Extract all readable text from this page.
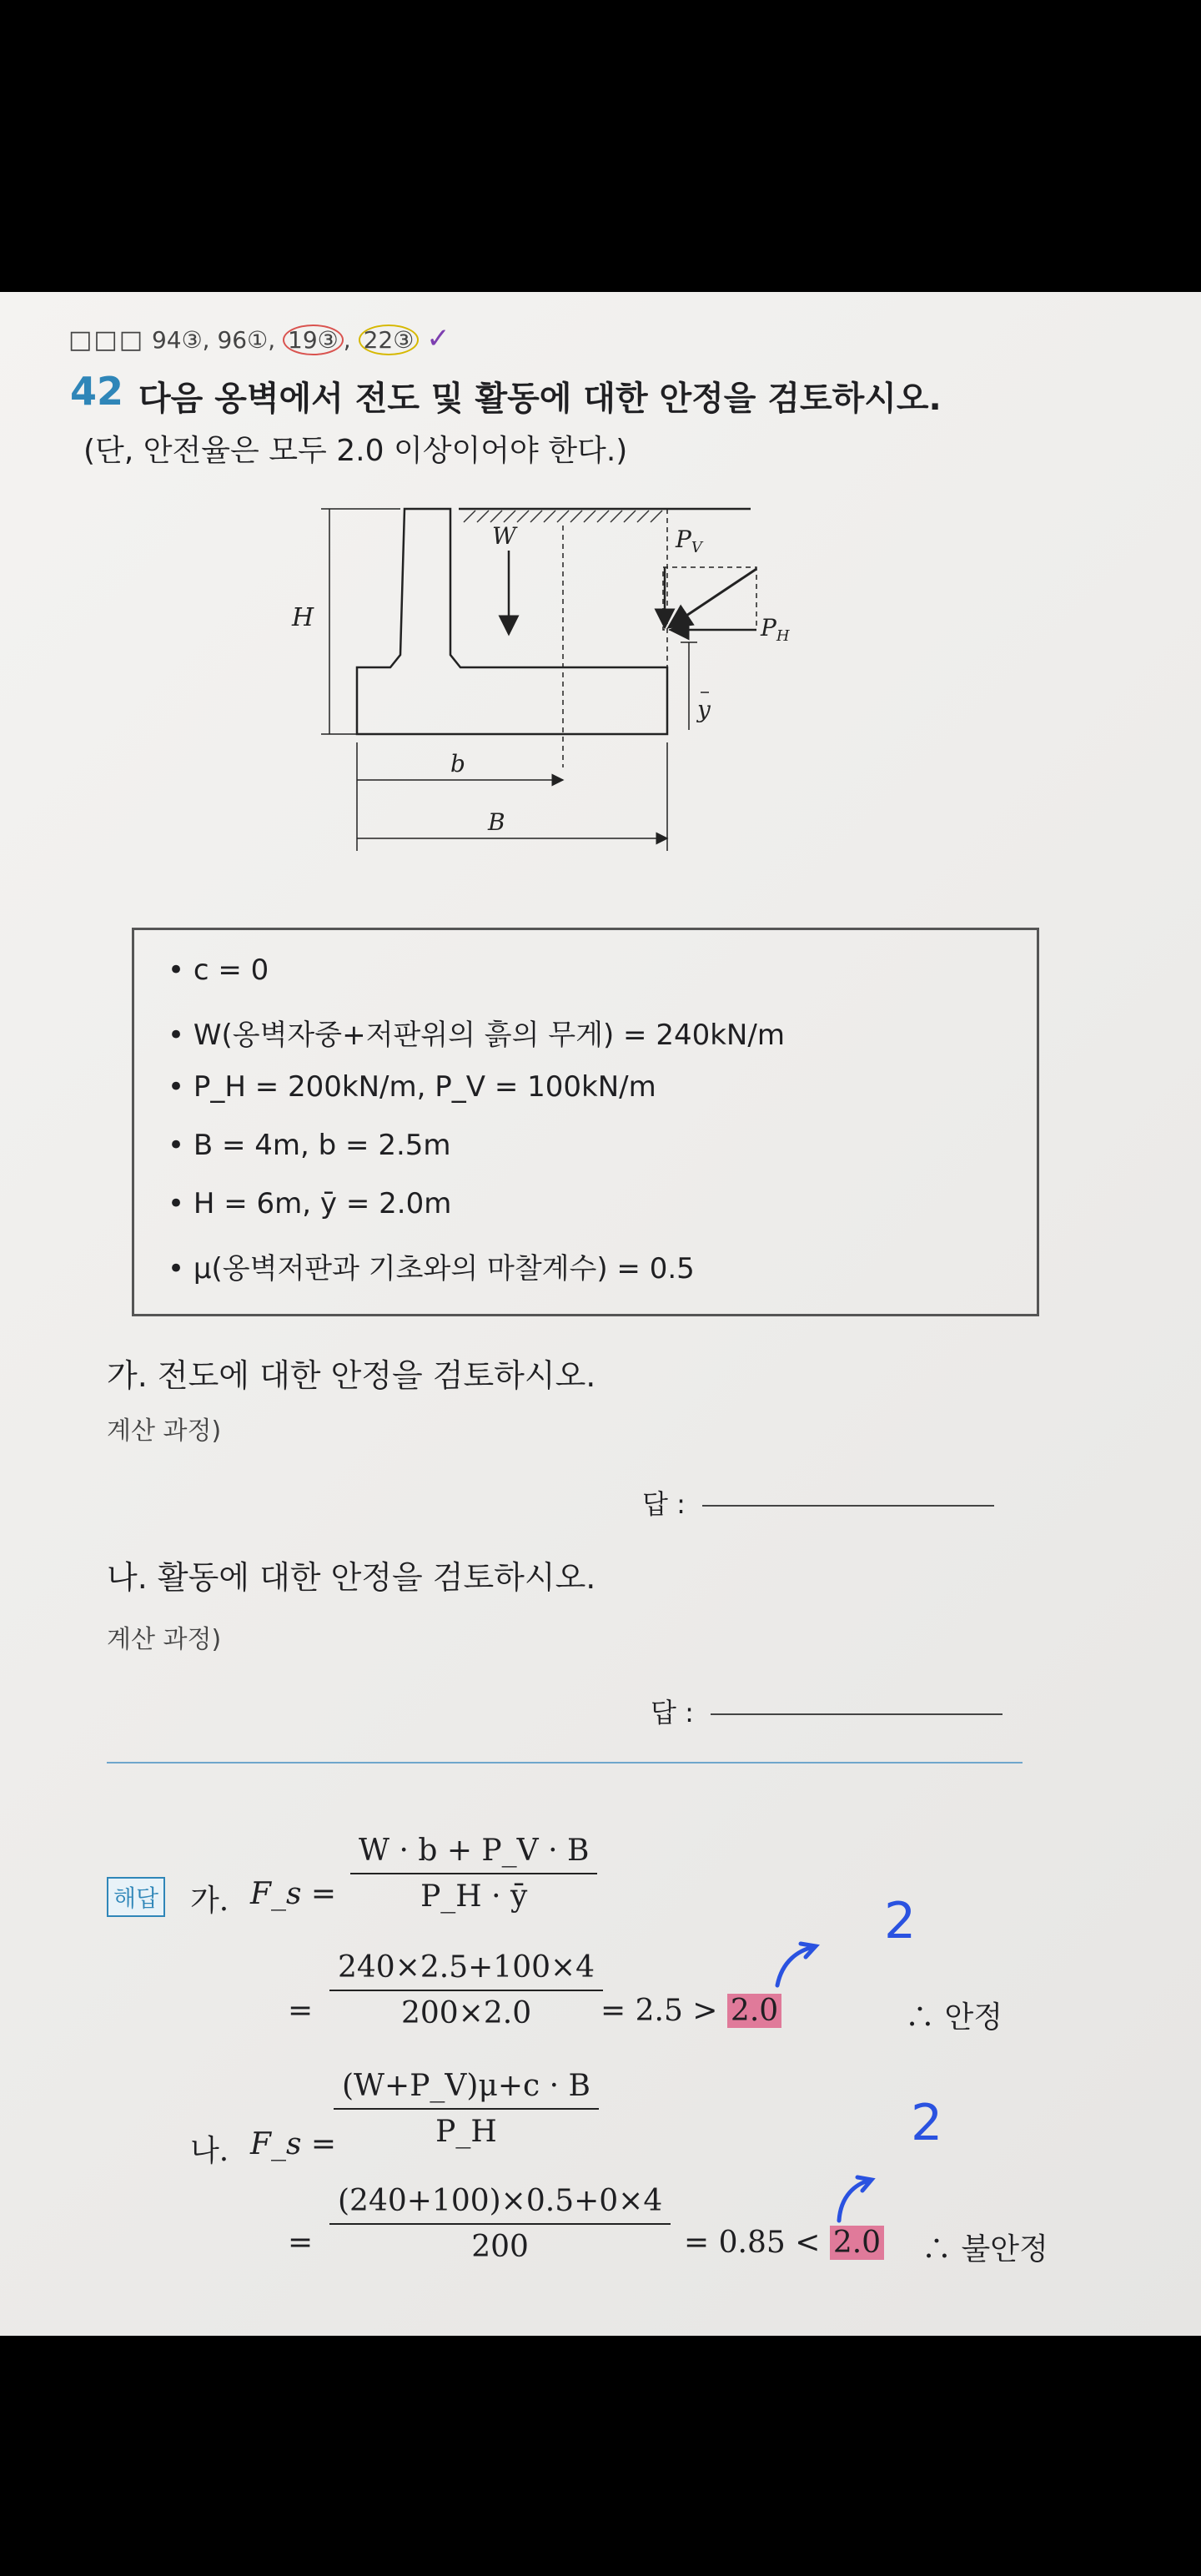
□□□ 94③, 96①, 19③ , 22③ ✓
42 다음 옹벽에서 전도 및 활동에 대한 안정을 검토하시오.
(단, 안전율은 모두 2.0 이상이어야 한다.)
H
W	$P_V$
$P_H$
y
b
B
• c = 0
• W(옹벽자중+저판위의 흙의 무게) = 240kN/m
• P_H = 200kN/m, P_V = 100kN/m
• B = 4m, b = 2.5m
• H = 6m, ȳ = 2.0m
• μ(옹벽저판과 기초와의 마찰계수) = 0.5
가. 전도에 대한 안정을 검토하시오.
계산 과정)
답 :
나. 활동에 대한 안정을 검토하시오.
계산 과정)
답 :
해답 가. F_s = $\frac{W \cdot b + P\_V \cdot B}{P\_H \cdot ȳ}$
= $\frac{240\times 2.5+100\times 4}{200\times 2.0}$
= 2.5 > 2.0	∴ 안정
2
나. F_s =
$\frac{(W+P\_V)\mu+c \cdot B}{P\_H}$
= $\frac{(240+100)\times 0.5+0\times 4}{200} = 0.85 < 2.0$ ∴ 불안정
2
